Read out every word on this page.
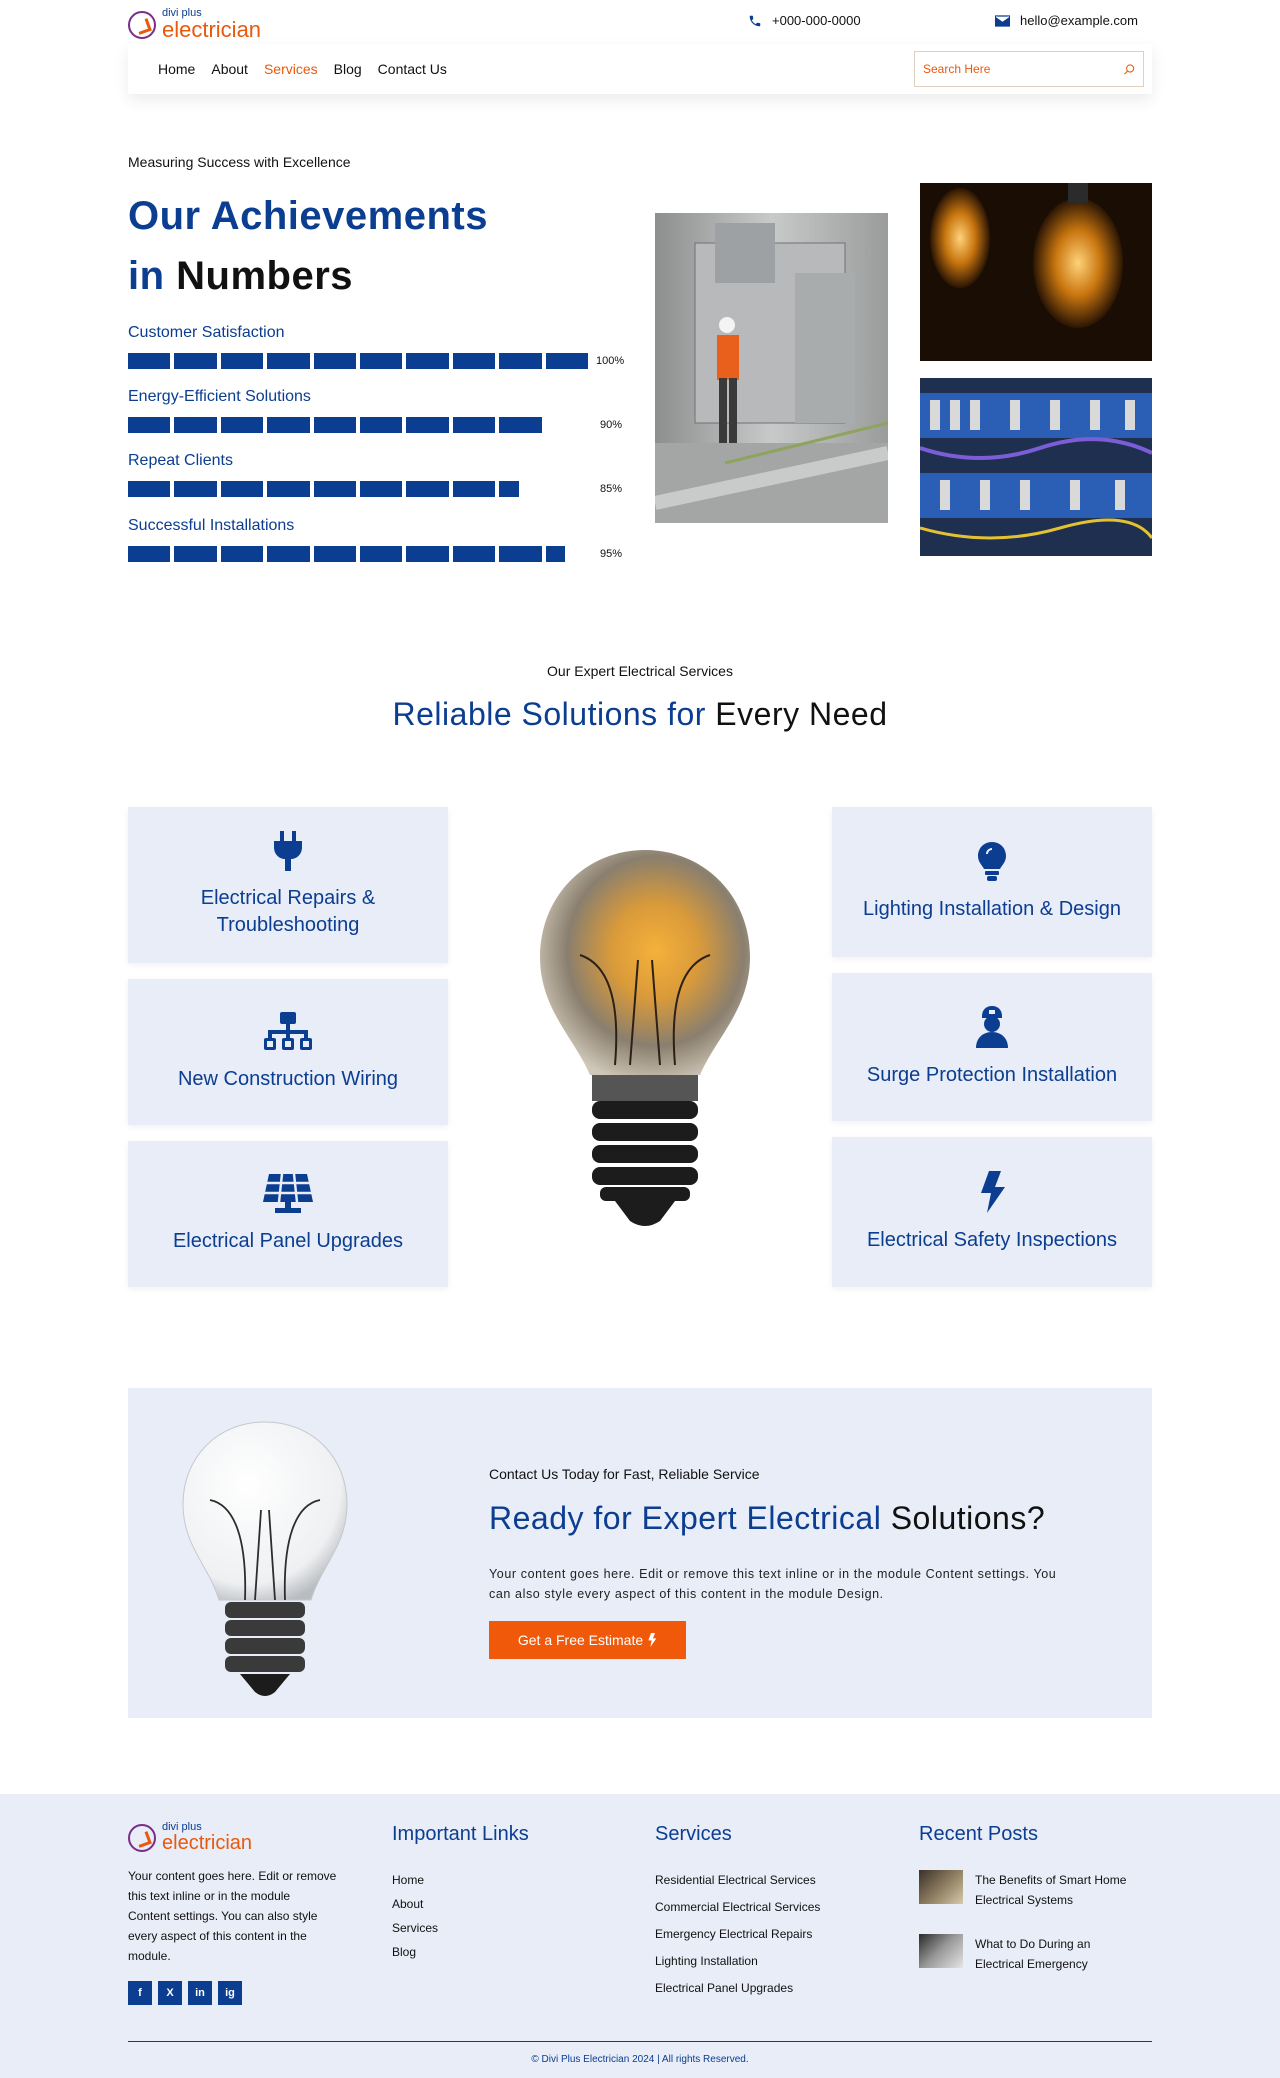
divi plus
electrician	+000-000-0000	hello@example.com
Home About Services Blog Contact Us
Search Here
Measuring Success with Excellence
Our Achievements
in Numbers
Customer Satisfaction
100%
Energy-Efficient Solutions
90%
Repeat Clients
85%
Successful Installations
95%
Our Expert Electrical Services
Reliable Solutions for Every Need
Electrical Repairs &
Troubleshooting
New Construction Wiring
Electrical Panel Upgrades
Lighting Installation & Design
Surge Protection Installation
Electrical Safety Inspections
Contact Us Today for Fast, Reliable Service
Ready for Expert Electrical Solutions?
Your content goes here. Edit or remove this text inline or in the module Content settings. You
can also style every aspect of this content in the module Design.
Get a Free Estimate
divi plus
electrician
Your content goes here. Edit or remove
this text inline or in the module
Content settings. You can also style
every aspect of this content in the
module.
f	X	in	ig
Important Links
Home
About
Services
Blog
Services
Residential Electrical Services
Commercial Electrical Services
Emergency Electrical Repairs
Lighting Installation
Electrical Panel Upgrades
Recent Posts
The Benefits of Smart Home
Electrical Systems
What to Do During an
Electrical Emergency
© Divi Plus Electrician 2024 | All rights Reserved.
